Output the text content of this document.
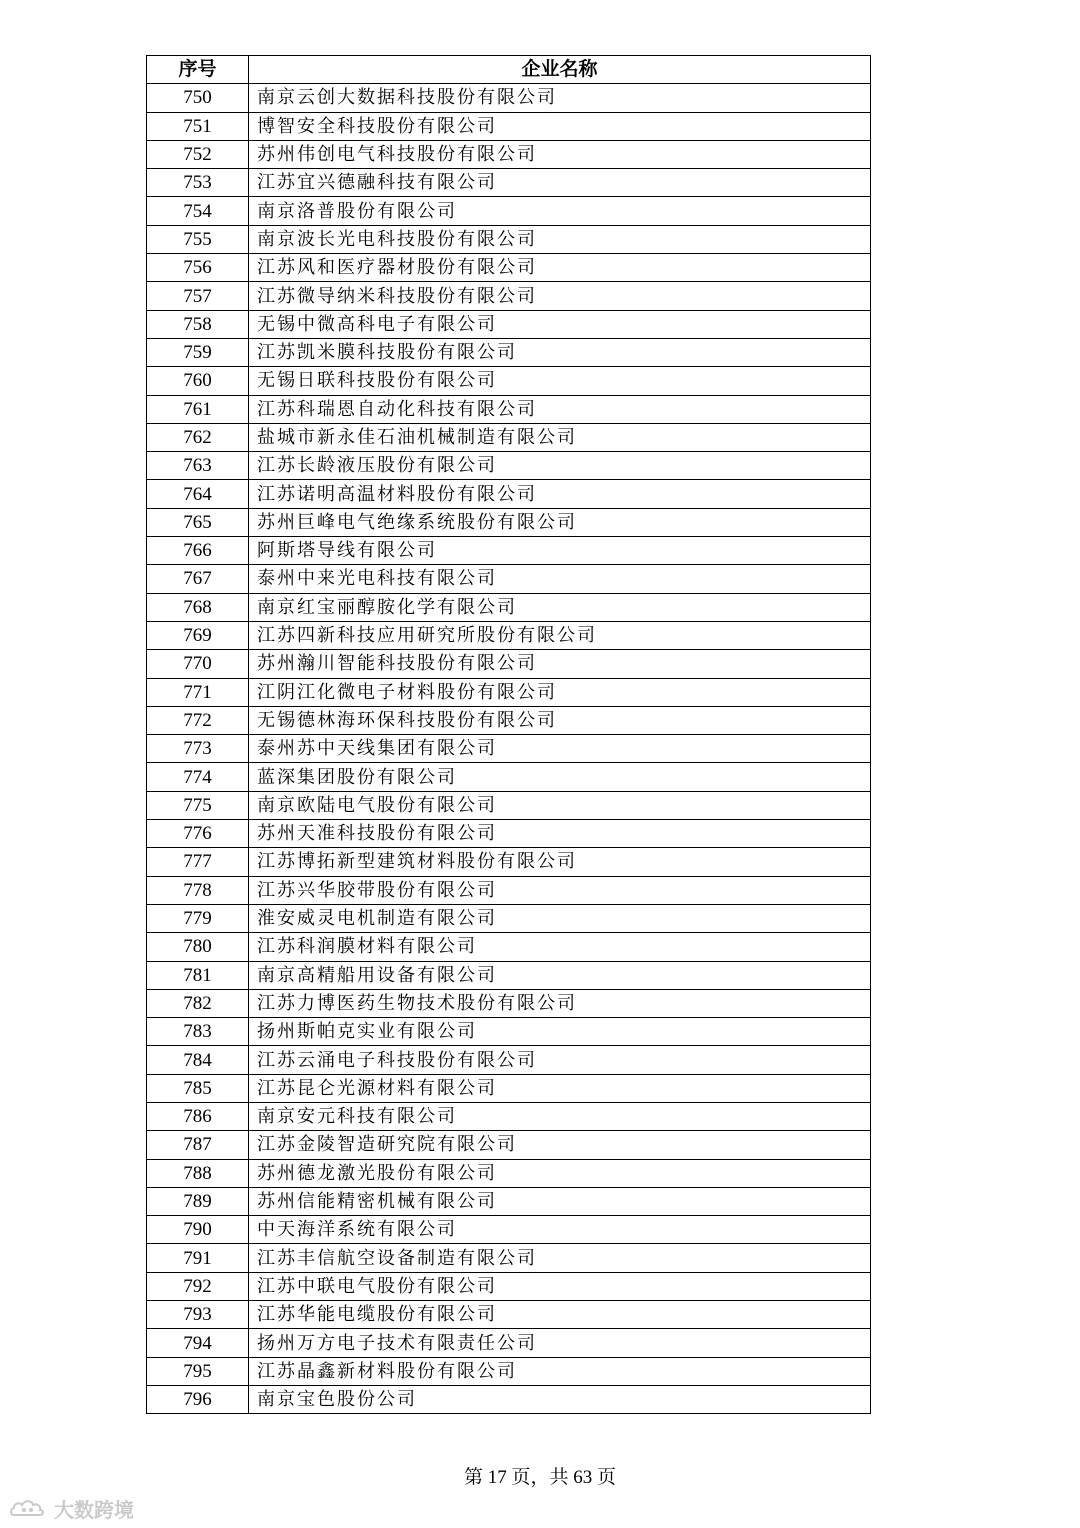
序号	企业名称
750	南京云创大数据科技股份有限公司
751	博智安全科技股份有限公司
752	苏州伟创电气科技股份有限公司
753	江苏宜兴德融科技有限公司
754	南京洛普股份有限公司
755	南京波长光电科技股份有限公司
756	江苏风和医疗器材股份有限公司
757	江苏微导纳米科技股份有限公司
758	无锡中微高科电子有限公司
759	江苏凯米膜科技股份有限公司
760	无锡日联科技股份有限公司
761	江苏科瑞恩自动化科技有限公司
762	盐城市新永佳石油机械制造有限公司
763	江苏长龄液压股份有限公司
764	江苏诺明高温材料股份有限公司
765	苏州巨峰电气绝缘系统股份有限公司
766	阿斯塔导线有限公司
767	泰州中来光电科技有限公司
768	南京红宝丽醇胺化学有限公司
769	江苏四新科技应用研究所股份有限公司
770	苏州瀚川智能科技股份有限公司
771	江阴江化微电子材料股份有限公司
772	无锡德林海环保科技股份有限公司
773	泰州苏中天线集团有限公司
774	蓝深集团股份有限公司
775	南京欧陆电气股份有限公司
776	苏州天准科技股份有限公司
777	江苏博拓新型建筑材料股份有限公司
778	江苏兴华胶带股份有限公司
779	淮安威灵电机制造有限公司
780	江苏科润膜材料有限公司
781	南京高精船用设备有限公司
782	江苏力博医药生物技术股份有限公司
783	扬州斯帕克实业有限公司
784	江苏云涌电子科技股份有限公司
785	江苏昆仑光源材料有限公司
786	南京安元科技有限公司
787	江苏金陵智造研究院有限公司
788	苏州德龙激光股份有限公司
789	苏州信能精密机械有限公司
790	中天海洋系统有限公司
791	江苏丰信航空设备制造有限公司
792	江苏中联电气股份有限公司
793	江苏华能电缆股份有限公司
794	扬州万方电子技术有限责任公司
795	江苏晶鑫新材料股份有限公司
796	南京宝色股份公司
第 17 页，共 63 页
大数跨境
